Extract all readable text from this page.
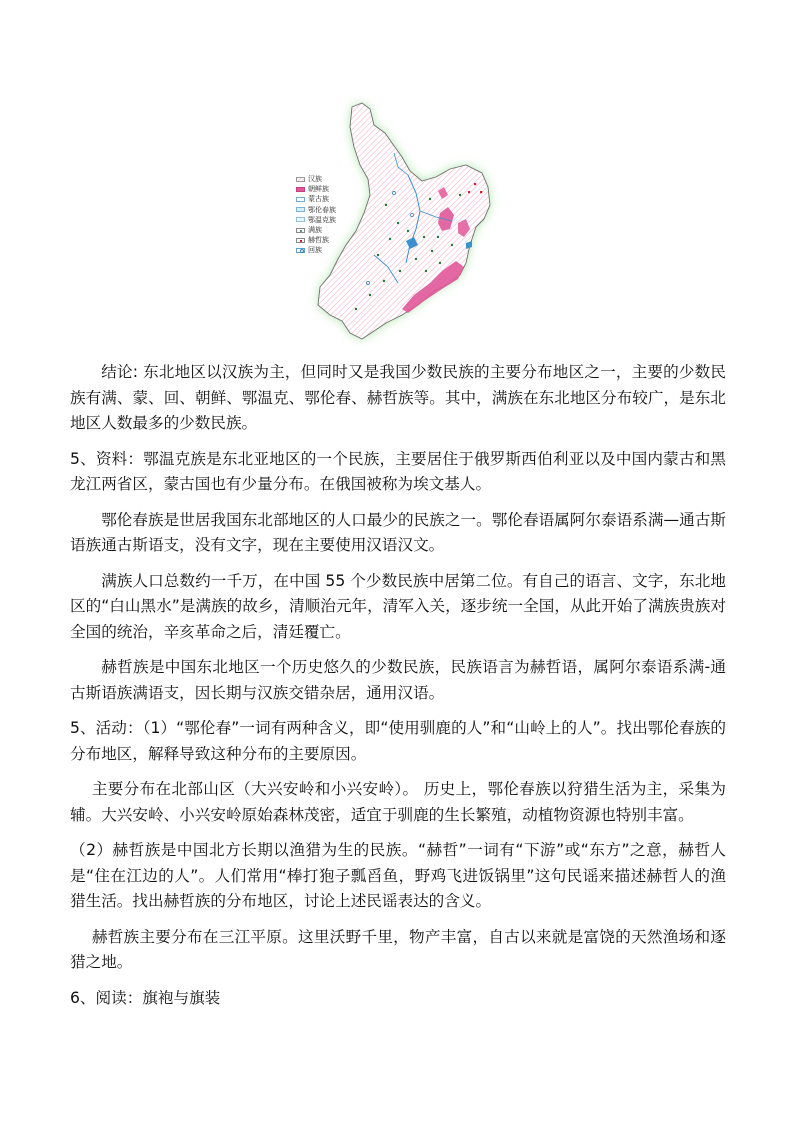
汉族
朝鲜族
蒙古族
鄂伦春族
鄂温克族
满族
赫哲族
回族

结论: 东北地区以汉族为主，但同时又是我国少数民族的主要分布地区之一，主要的少数民族有满、蒙、回、朝鲜、鄂温克、鄂伦春、赫哲族等。其中，满族在东北地区分布较广，是东北地区人数最多的少数民族。

5、资料：鄂温克族是东北亚地区的一个民族，主要居住于俄罗斯西伯利亚以及中国内蒙古和黑龙江两省区，蒙古国也有少量分布。在俄国被称为埃文基人。

鄂伦春族是世居我国东北部地区的人口最少的民族之一。鄂伦春语属阿尔泰语系满—通古斯语族通古斯语支，没有文字，现在主要使用汉语汉文。

满族人口总数约一千万，在中国 55 个少数民族中居第二位。有自己的语言、文字，东北地区的“白山黑水”是满族的故乡，清顺治元年，清军入关，逐步统一全国，从此开始了满族贵族对全国的统治，辛亥革命之后，清廷覆亡。

赫哲族是中国东北地区一个历史悠久的少数民族，民族语言为赫哲语，属阿尔泰语系满-通古斯语族满语支，因长期与汉族交错杂居，通用汉语。

5、活动：（1）“鄂伦春”一词有两种含义，即“使用驯鹿的人”和“山岭上的人”。找出鄂伦春族的分布地区，解释导致这种分布的主要原因。

主要分布在北部山区（大兴安岭和小兴安岭）。 历史上，鄂伦春族以狩猎生活为主，采集为辅。大兴安岭、小兴安岭原始森林茂密，适宜于驯鹿的生长繁殖，动植物资源也特别丰富。

（2）赫哲族是中国北方长期以渔猎为生的民族。“赫哲”一词有“下游”或“东方”之意，赫哲人是“住在江边的人”。人们常用“棒打狍子瓢舀鱼，野鸡飞进饭锅里”这句民谣来描述赫哲人的渔猎生活。找出赫哲族的分布地区，讨论上述民谣表达的含义。

赫哲族主要分布在三江平原。这里沃野千里，物产丰富，自古以来就是富饶的天然渔场和逐猎之地。

6、阅读：旗袍与旗装
